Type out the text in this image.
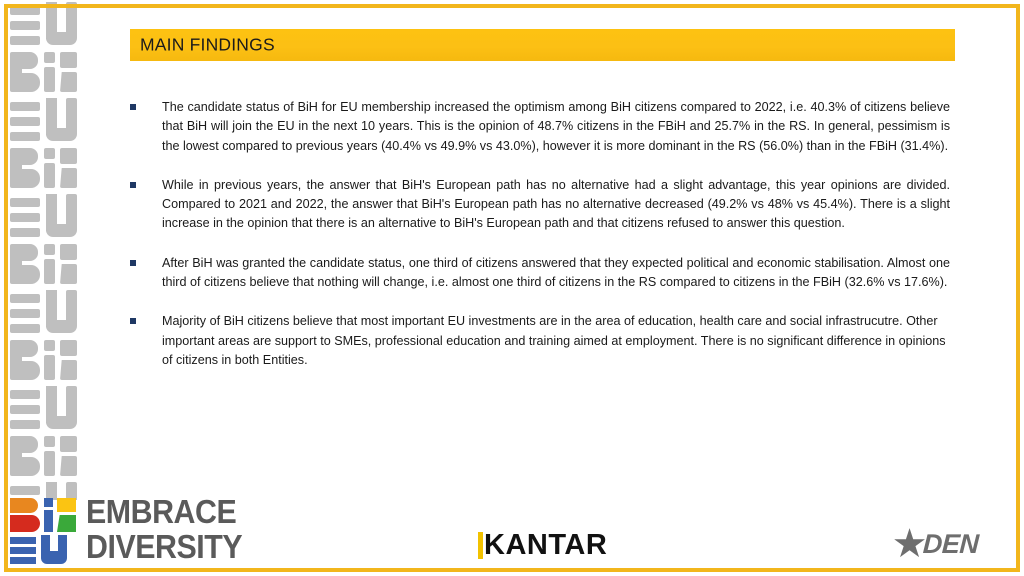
MAIN FINDINGS
The candidate status of BiH for EU membership increased the optimism among BiH citizens compared to 2022, i.e. 40.3% of citizens believe that BiH will join the EU in the next 10 years. This is the opinion of 48.7% citizens in the FBiH and 25.7% in the RS. In general, pessimism is the lowest compared to previous years (40.4% vs 49.9% vs 43.0%), however it is more dominant in the RS (56.0%) than in the FBiH (31.4%).
While in previous years, the answer that BiH's European path has no alternative had a slight advantage, this year opinions are divided. Compared to 2021 and 2022, the answer that BiH's European path has no alternative decreased (49.2% vs 48% vs 45.4%). There is a slight increase in the opinion that there is an alternative to BiH's European path and that citizens refused to answer this question.
After BiH was granted the candidate status, one third of citizens answered that they expected political and economic stabilisation. Almost one third of citizens believe that nothing will change, i.e. almost one third of citizens in the RS compared to citizens in the FBiH (32.6% vs 17.6%).
Majority of BiH citizens believe that most important EU investments are in the area of education, health care and social infrastrucutre. Other important areas are support to SMEs, professional education and training aimed at employment. There is no significant difference in opinions of citizens in both Entities.
EMBRACE
DIVERSITY	KANTAR	★
DEN
